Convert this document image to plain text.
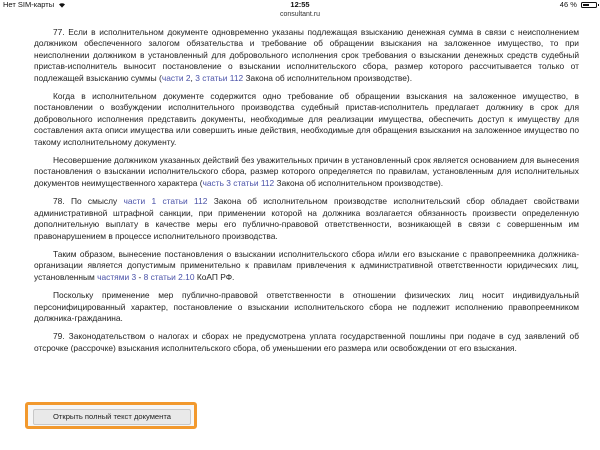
Нет SIM-карты	12:55	46 %
consultant.ru

77. Если в исполнительном документе одновременно указаны подлежащая взысканию денежная сумма в связи с неисполнением должником обеспеченного залогом обязательства и требование об обращении взыскания на заложенное имущество, то при неисполнении должником в установленный для добровольного исполнения срок требования о взыскании денежных средств судебный пристав-исполнитель выносит постановление о взыскании исполнительского сбора, размер которого рассчитывается только от подлежащей взысканию суммы (части 2, 3 статьи 112 Закона об исполнительном производстве).

Когда в исполнительном документе содержится одно требование об обращении взыскания на заложенное имущество, в постановлении о возбуждении исполнительного производства судебный пристав-исполнитель предлагает должнику в срок для добровольного исполнения представить документы, необходимые для реализации имущества, обеспечить доступ к имуществу для составления акта описи имущества или совершить иные действия, необходимые для обращения взыскания на заложенное имущество по такому исполнительному документу.

Несовершение должником указанных действий без уважительных причин в установленный срок является основанием для вынесения постановления о взыскании исполнительского сбора, размер которого определяется по правилам, установленным для исполнительных документов неимущественного характера (часть 3 статьи 112 Закона об исполнительном производстве).

78. По смыслу части 1 статьи 112 Закона об исполнительном производстве исполнительский сбор обладает свойствами административной штрафной санкции, при применении которой на должника возлагается обязанность произвести определенную дополнительную выплату в качестве меры его публично-правовой ответственности, возникающей в связи с совершенным им правонарушением в процессе исполнительного производства.

Таким образом, вынесение постановления о взыскании исполнительского сбора и/или его взыскание с правопреемника должника-организации является допустимым применительно к правилам привлечения к административной ответственности юридических лиц, установленным частями 3 - 8 статьи 2.10 КоАП РФ.

Поскольку применение мер публично-правовой ответственности в отношении физических лиц носит индивидуальный персонифицированный характер, постановление о взыскании исполнительского сбора не подлежит исполнению правопреемником должника-гражданина.

79. Законодательством о налогах и сборах не предусмотрена уплата государственной пошлины при подаче в суд заявлений об отсрочке (рассрочке) взыскания исполнительского сбора, об уменьшении его размера или освобождении от его взыскания.

Открыть полный текст документа
